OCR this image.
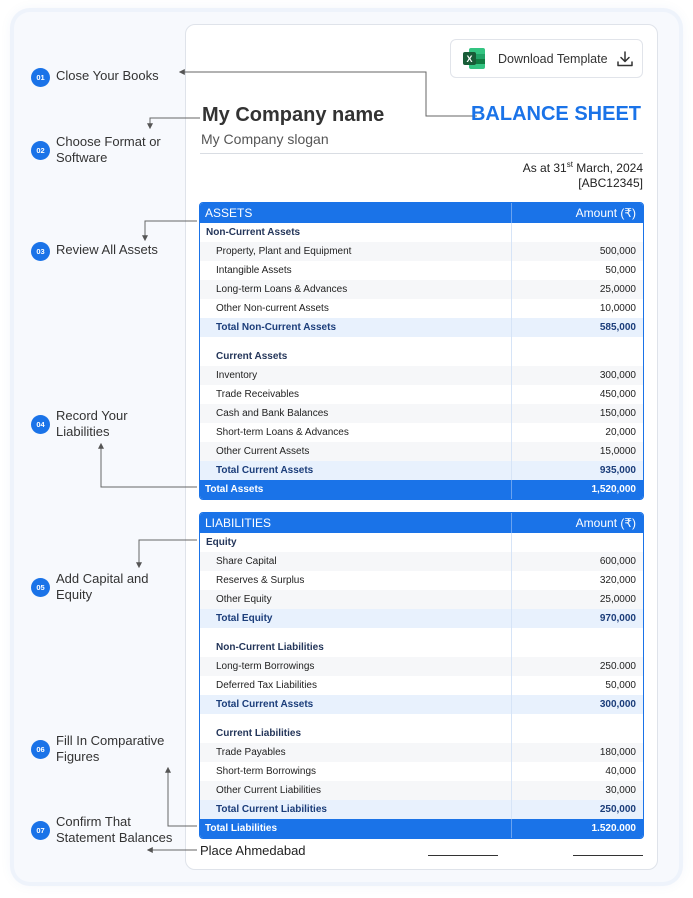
01 Close Your Books
02
Choose Format or Software
03 Review All Assets
04
Record Your Liabilities
05
Add Capital and Equity
06
Fill In Comparative Figures
07
Confirm That Statement Balances
X Download Template
My Company name
My Company slogan
BALANCE SHEET
As at 31st March, 2024
[ABC12345]
ASSETS	Amount (₹)
Non-Current Assets
Property, Plant and Equipment	500,000
Intangible Assets	50,000
Long-term Loans & Advances	25,0000
Other Non-current Assets	10,0000
Total Non-Current Assets	585,000
Current Assets
Inventory	300,000
Trade Receivables	450,000
Cash and Bank Balances	150,000
Short-term Loans & Advances	20,000
Other Current Assets	15,0000
Total Current Assets	935,000
Total Assets	1,520,000
LIABILITIES	Amount (₹)
Equity
Share Capital	600,000
Reserves & Surplus	320,000
Other Equity	25,0000
Total Equity	970,000
Non-Current Liabilities
Long-term Borrowings	250.000
Deferred Tax Liabilities	50,000
Total Current Assets	300,000
Current Liabilities
Trade Payables	180,000
Short-term Borrowings	40,000
Other Current Liabilities	30,000
Total Current Liabilities	250,000
Total Liabilities	1.520.000
Place Ahmedabad
